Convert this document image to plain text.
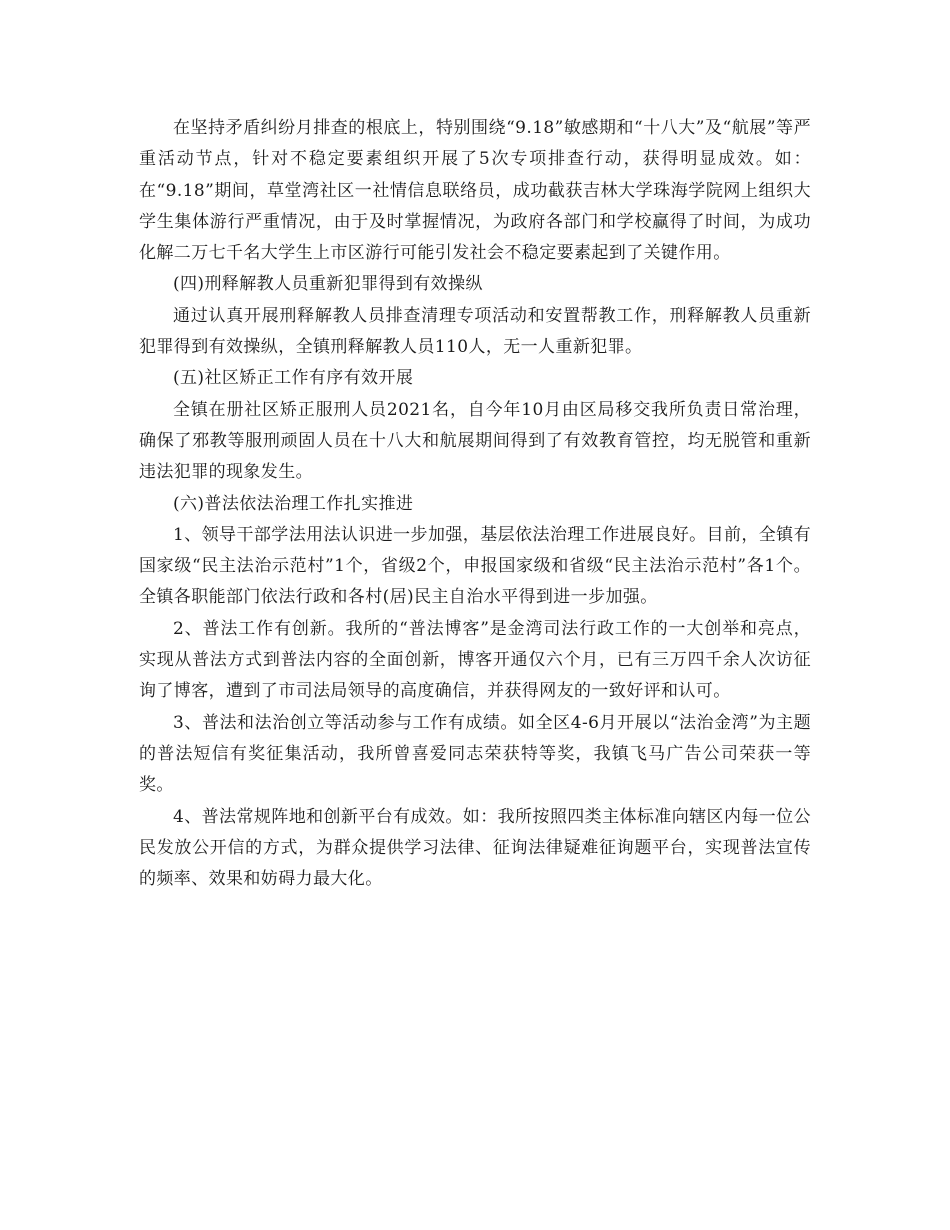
在坚持矛盾纠纷月排查的根底上，特别围绕“9.18”敏感期和“十八大”及“航展”等严重活动节点，针对不稳定要素组织开展了5次专项排查行动，获得明显成效。如：在“9.18”期间，草堂湾社区一社情信息联络员，成功截获吉林大学珠海学院网上组织大学生集体游行严重情况，由于及时掌握情况，为政府各部门和学校赢得了时间，为成功化解二万七千名大学生上市区游行可能引发社会不稳定要素起到了关键作用。

(四)刑释解教人员重新犯罪得到有效操纵

通过认真开展刑释解教人员排查清理专项活动和安置帮教工作，刑释解教人员重新犯罪得到有效操纵，全镇刑释解教人员110人，无一人重新犯罪。

(五)社区矫正工作有序有效开展

全镇在册社区矫正服刑人员2021名，自今年10月由区局移交我所负责日常治理，确保了邪教等服刑顽固人员在十八大和航展期间得到了有效教育管控，均无脱管和重新违法犯罪的现象发生。

(六)普法依法治理工作扎实推进

1、领导干部学法用法认识进一步加强，基层依法治理工作进展良好。目前，全镇有国家级“民主法治示范村”1个，省级2个，申报国家级和省级“民主法治示范村”各1个。全镇各职能部门依法行政和各村(居)民主自治水平得到进一步加强。

2、普法工作有创新。我所的“普法博客”是金湾司法行政工作的一大创举和亮点，实现从普法方式到普法内容的全面创新，博客开通仅六个月，已有三万四千余人次访征询了博客，遭到了市司法局领导的高度确信，并获得网友的一致好评和认可。

3、普法和法治创立等活动参与工作有成绩。如全区4-6月开展以“法治金湾”为主题的普法短信有奖征集活动，我所曾喜爱同志荣获特等奖，我镇飞马广告公司荣获一等奖。

4、普法常规阵地和创新平台有成效。如：我所按照四类主体标准向辖区内每一位公民发放公开信的方式，为群众提供学习法律、征询法律疑难征询题平台，实现普法宣传的频率、效果和妨碍力最大化。
